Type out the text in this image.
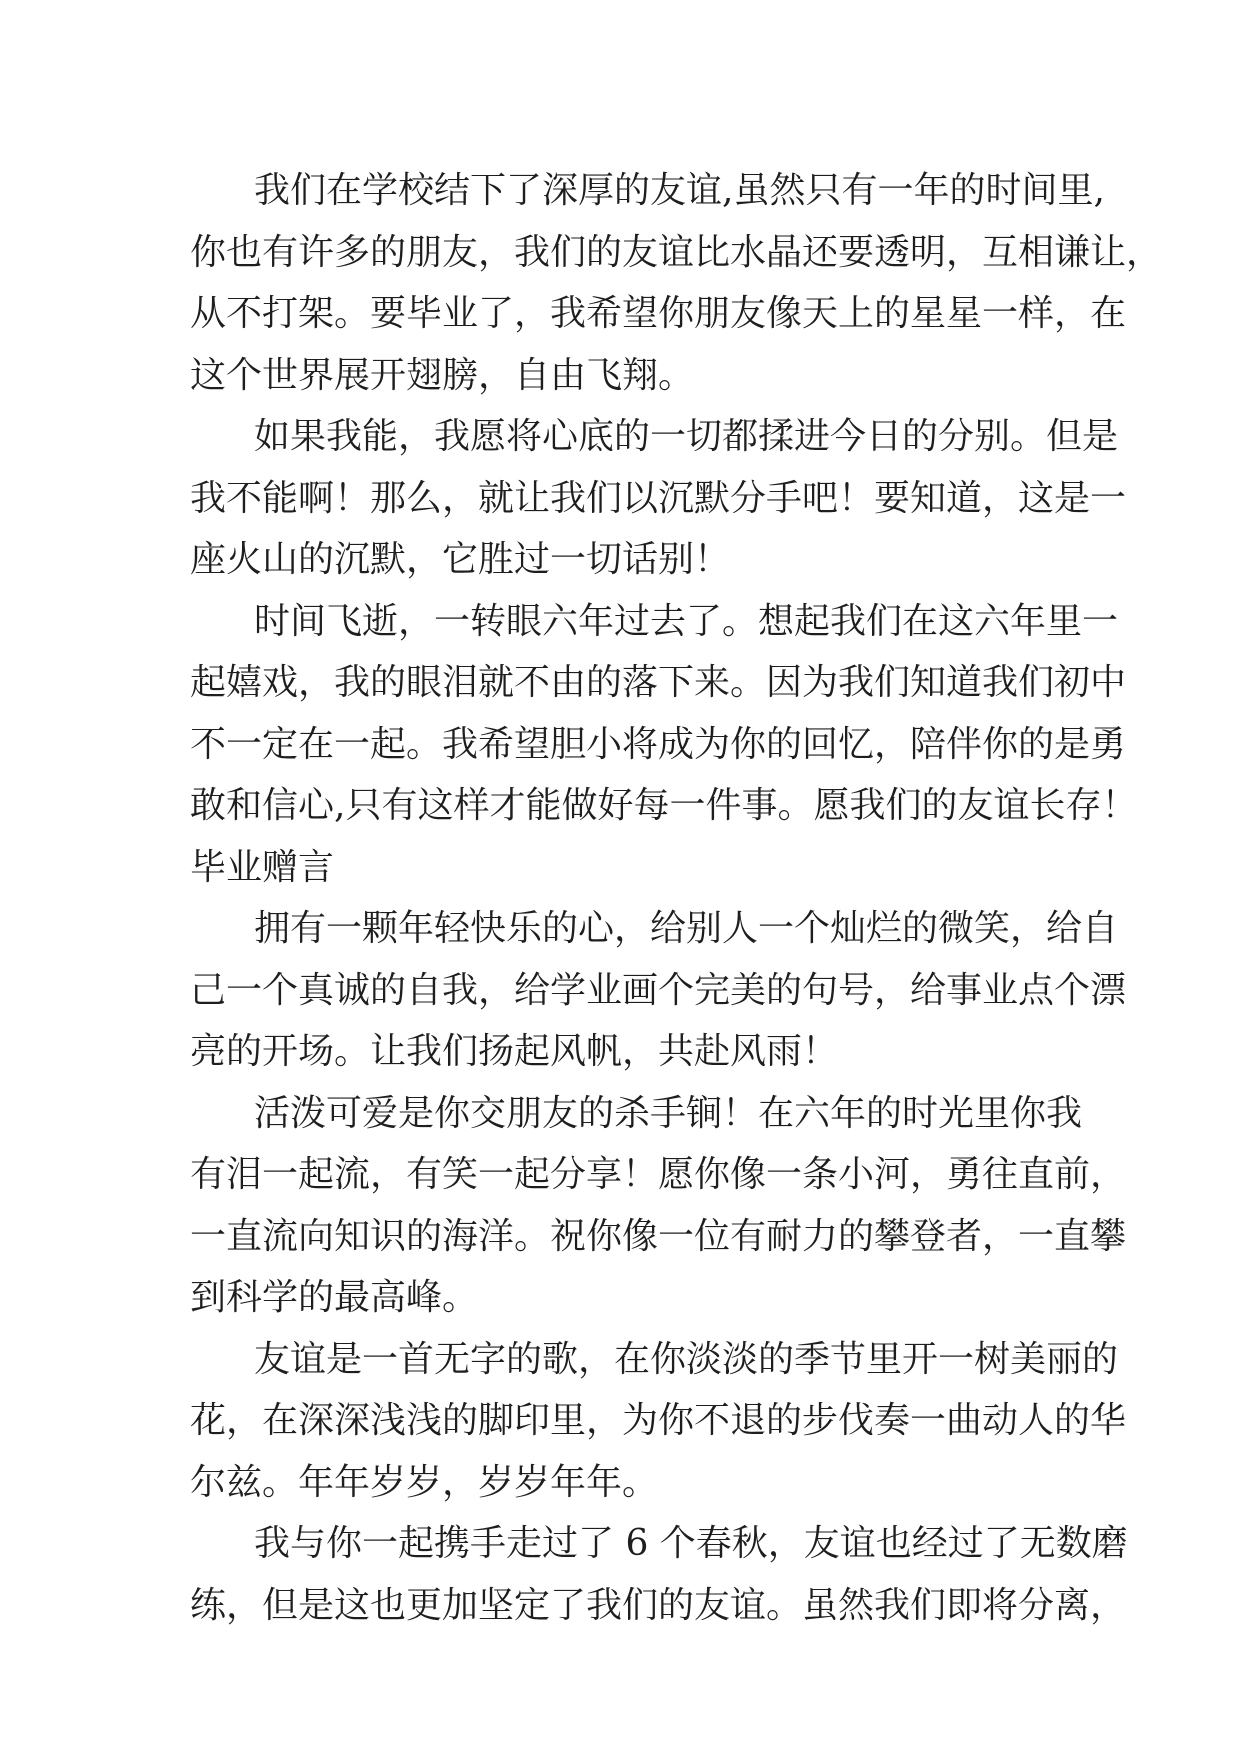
我们在学校结下了深厚的友谊,虽然只有一年的时间里,
你也有许多的朋友，我们的友谊比水晶还要透明，互相谦让，
从不打架。要毕业了，我希望你朋友像天上的星星一样，在
这个世界展开翅膀，自由飞翔。
如果我能，我愿将心底的一切都揉进今日的分别。但是
我不能啊！那么，就让我们以沉默分手吧！要知道，这是一
座火山的沉默，它胜过一切话别！
时间飞逝，一转眼六年过去了。想起我们在这六年里一
起嬉戏，我的眼泪就不由的落下来。因为我们知道我们初中
不一定在一起。我希望胆小将成为你的回忆，陪伴你的是勇
敢和信心,只有这样才能做好每一件事。愿我们的友谊长存！
毕业赠言
拥有一颗年轻快乐的心，给别人一个灿烂的微笑，给自
己一个真诚的自我，给学业画个完美的句号，给事业点个漂
亮的开场。让我们扬起风帆，共赴风雨！
活泼可爱是你交朋友的杀手锏！在六年的时光里你我
有泪一起流，有笑一起分享！愿你像一条小河，勇往直前，
一直流向知识的海洋。祝你像一位有耐力的攀登者，一直攀
到科学的最高峰。
友谊是一首无字的歌，在你淡淡的季节里开一树美丽的
花，在深深浅浅的脚印里，为你不退的步伐奏一曲动人的华
尔兹。年年岁岁，岁岁年年。
我与你一起携手走过了 6 个春秋，友谊也经过了无数磨
练，但是这也更加坚定了我们的友谊。虽然我们即将分离，
